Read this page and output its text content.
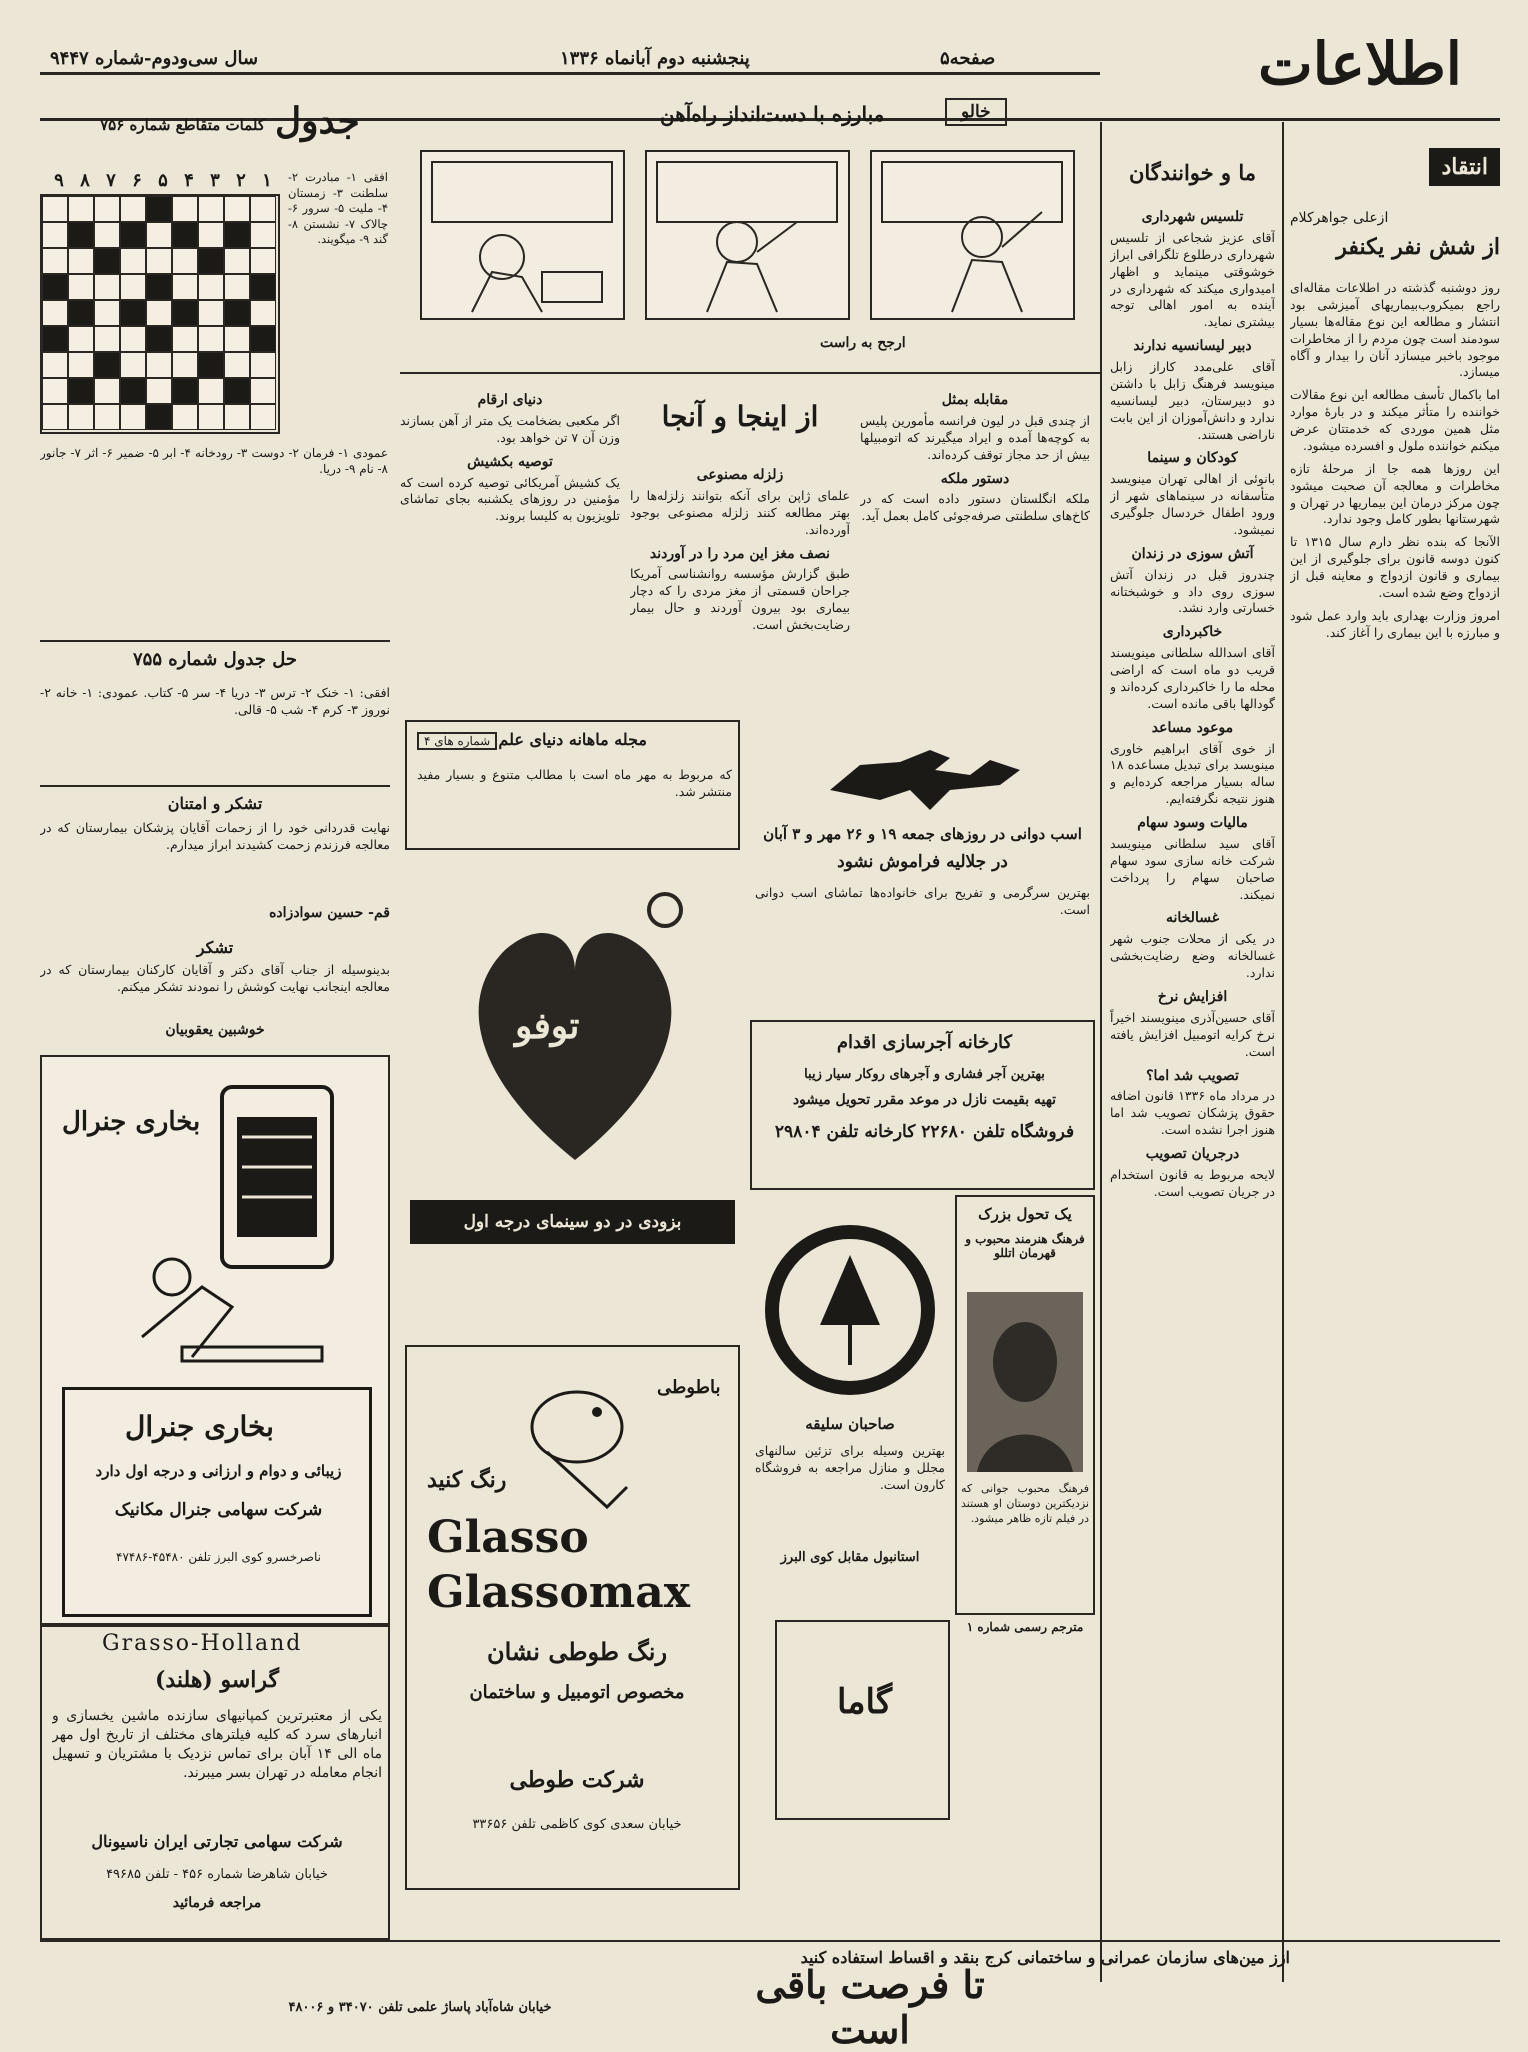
سال سی‌ودوم-شماره ۹۴۴۷	پنجشنبه دوم آبانماه ۱۳۳۶	صفحه۵	اطلاعات
انتقاد
ازعلی جواهرکلام
از شش نفر یکنفر

روز دوشنبه گذشته در اطلاعات مقاله‌ای راجع بمیکروب‌بیماریهای آمیزشی بود انتشار و مطالعه این نوع مقاله‌ها بسیار سودمند است چون مردم را از مخاطرات موجود باخبر میسازد آنان را بیدار و آگاه میسازد.

اما باکمال تأسف مطالعه این نوع مقالات خواننده را متأثر میکند و در بارهٔ موارد مثل همین موردی که خدمتتان عرض میکنم خواننده ملول و افسرده میشود.

این روزها همه جا از مرحلهٔ تازه مخاطرات و معالجه آن صحبت میشود چون مرکز درمان این بیماریها در تهران و شهرستانها بطور کامل وجود ندارد.

الآنجا که بنده نظر دارم سال ۱۳۱۵ تا کنون دوسه قانون برای جلوگیری از این بیماری و قانون ازدواج و معاینه قبل از ازدواج وضع شده است.

امروز وزارت بهداری باید وارد عمل شود و مبارزه با این بیماری را آغاز کند.

ما و خوانندگان
تلسیس شهرداری

آقای عزیز شجاعی از تلسیس شهرداری درطلوع تلگرافی ابراز خوشوقتی مینماید و اظهار امیدواری میکند که شهرداری در آینده به امور اهالی توجه بیشتری نماید.

دبیر لیسانسیه ندارند

آقای علی‌مدد کاراز زابل مینویسد فرهنگ زابل با داشتن دو دبیرستان، دبیر لیسانسیه ندارد و دانش‌آموزان از این بابت ناراضی هستند.

کودکان و سینما

بانوئی از اهالی تهران مینویسد متأسفانه در سینماهای شهر از ورود اطفال خردسال جلوگیری نمیشود.

آتش سوزی در زندان

چندروز قبل در زندان آتش سوزی روی داد و خوشبختانه خسارتی وارد نشد.

خاکبرداری

آقای اسدالله سلطانی مینویسند قریب دو ماه است که اراضی محله ما را خاکبرداری کرده‌اند و گودالها باقی مانده است.

موعود مساعد

از خوی آقای ابراهیم خاوری مینویسد برای تبدیل مساعده ۱۸ ساله بسیار مراجعه کرده‌ایم و هنوز نتیجه نگرفته‌ایم.

مالیات وسود سهام

آقای سید سلطانی مینویسد شرکت خانه سازی سود سهام صاحبان سهام را پرداخت نمیکند.

غسالخانه

در یکی از محلات جنوب شهر غسالخانه وضع رضایت‌بخشی ندارد.

افزایش نرخ

آقای حسین‌آذری مینویسند اخیراً نرخ کرایه اتومبیل افزایش یافته است.

تصویب شد اما؟

در مرداد ماه ۱۳۳۶ قانون اضافه حقوق پزشکان تصویب شد اما هنوز اجرا نشده است.

درجریان تصویب

لایحه مربوط به قانون استخدام در جریان تصویب است.

مبارزه با دست‌انداز راه‌آهن	خالو
ارجح به راست
از اینجا و آنجا	مقابله بمثل

از چندی قبل در لیون فرانسه مأمورین پلیس به کوچه‌ها آمده و ایراد میگیرند که اتومبیلها بیش از حد مجاز توقف کرده‌اند.

دستور ملکه

ملکه انگلستان دستور داده است که در کاخ‌های سلطنتی صرفه‌جوئی کامل بعمل آید.

زلزله مصنوعی

علمای ژاپن برای آنکه بتوانند زلزله‌ها را بهتر مطالعه کنند زلزله مصنوعی بوجود آورده‌اند.

نصف مغز این مرد را در آوردند

طبق گزارش مؤسسه روانشناسی آمریکا جراحان قسمتی از مغز مردی را که دچار بیماری بود بیرون آوردند و حال بیمار رضایت‌بخش است.

دنیای ارقام

اگر مکعبی بضخامت یک متر از آهن بسازند وزن آن ۷ تن خواهد بود.

توصیه بکشیش

یک کشیش آمریکائی توصیه کرده است که مؤمنین در روزهای یکشنبه بجای تماشای تلویزیون به کلیسا بروند.

جدول
کلمات متقاطع شماره ۷۵۶
۱
۲
۳
۴
۵
۶
۷
۸
۹	افقی ۱- مبادرت ۲- سلطنت ۳- زمستان ۴- ملیت ۵- سرور ۶- چالاک ۷- نشستن ۸- گند ۹- میگویند.
عمودی ۱- فرمان ۲- دوست ۳- رودخانه ۴- ابر ۵- ضمیر ۶- اثر ۷- جانور ۸- نام ۹- دریا.
حل جدول شماره ۷۵۵
افقی: ۱- خنک ۲- ترس ۳- دریا ۴- سر ۵- کتاب. عمودی: ۱- خانه ۲- نوروز ۳- کرم ۴- شب ۵- قالی.
تشکر و امتنان
نهایت قدردانی خود را از زحمات آقایان پزشکان بیمارستان که در معالجه فرزندم زحمت کشیدند ابراز میدارم.
قم- حسین سوادزاده
تشکر
بدینوسیله از جناب آقای دکتر و آقایان کارکنان بیمارستان که در معالجه اینجانب نهایت کوشش را نمودند تشکر میکنم.
خوشبین یعقوبیان
بخاری جنرال
بخاری جنرال
زیبائی و دوام و ارزانی و درجه اول دارد
شرکت سهامی جنرال مکانیک
ناصرخسرو کوی البرز تلفن ۴۵۴۸۰-۴۷۴۸۶
Grasso-Holland
گراسو (هلند)
یکی از معتبرترین کمپانیهای سازنده ماشین یخسازی و انبارهای سرد که کلیه فیلترهای مختلف از تاریخ اول مهر ماه الی ۱۴ آبان برای تماس نزدیک با مشتریان و تسهیل انجام معامله در تهران بسر میبرند.
شرکت سهامی تجارتی ایران ناسیونال
خیابان شاهرضا شماره ۴۵۶ - تلفن ۴۹۶۸۵
مراجعه فرمائید
مجله ماهانه دنیای علم
شماره های ۴
که مربوط به مهر ماه است با مطالب متنوع و بسیار مفید منتشر شد.
توفو
بزودی در دو سینمای درجه اول
باطوطی
رنگ کنید
Glasso
Glassomax
رنگ طوطی نشان
مخصوص اتومبیل و ساختمان
شرکت طوطی
خیابان سعدی کوی کاظمی تلفن ۳۳۶۵۶
اسب دوانی در روزهای جمعه ۱۹ و ۲۶ مهر و ۳ آبان
در جلالیه فراموش نشود
بهترین سرگرمی و تفریح برای خانواده‌ها تماشای اسب دوانی است.
کارخانه آجرسازی اقدام
بهترین آجر فشاری و آجرهای روکار سیار زیبا
تهیه بقیمت نازل در موعد مقرر تحویل میشود
فروشگاه تلفن ۲۲۶۸۰ کارخانه تلفن ۲۹۸۰۴
صاحبان سلیقه
بهترین وسیله برای تزئین سالنهای مجلل و منازل مراجعه به فروشگاه کارون است.
استانبول مقابل کوی البرز
یک تحول بزرک
فرهنگ هنرمند محبوب و قهرمان اتللو
فرهنگ محبوب جوانی که نزدیکترین دوستان او هستند در فیلم تازه ظاهر میشود.
گاما
مترجم رسمی شماره ۱
ازز مین‌های سازمان عمرانی و ساختمانی کرج بنقد و اقساط استفاده کنید
تا فرصت باقی است
خیابان شاه‌آباد پاساژ علمی تلفن ۳۴۰۷۰ و ۴۸۰۰۶
